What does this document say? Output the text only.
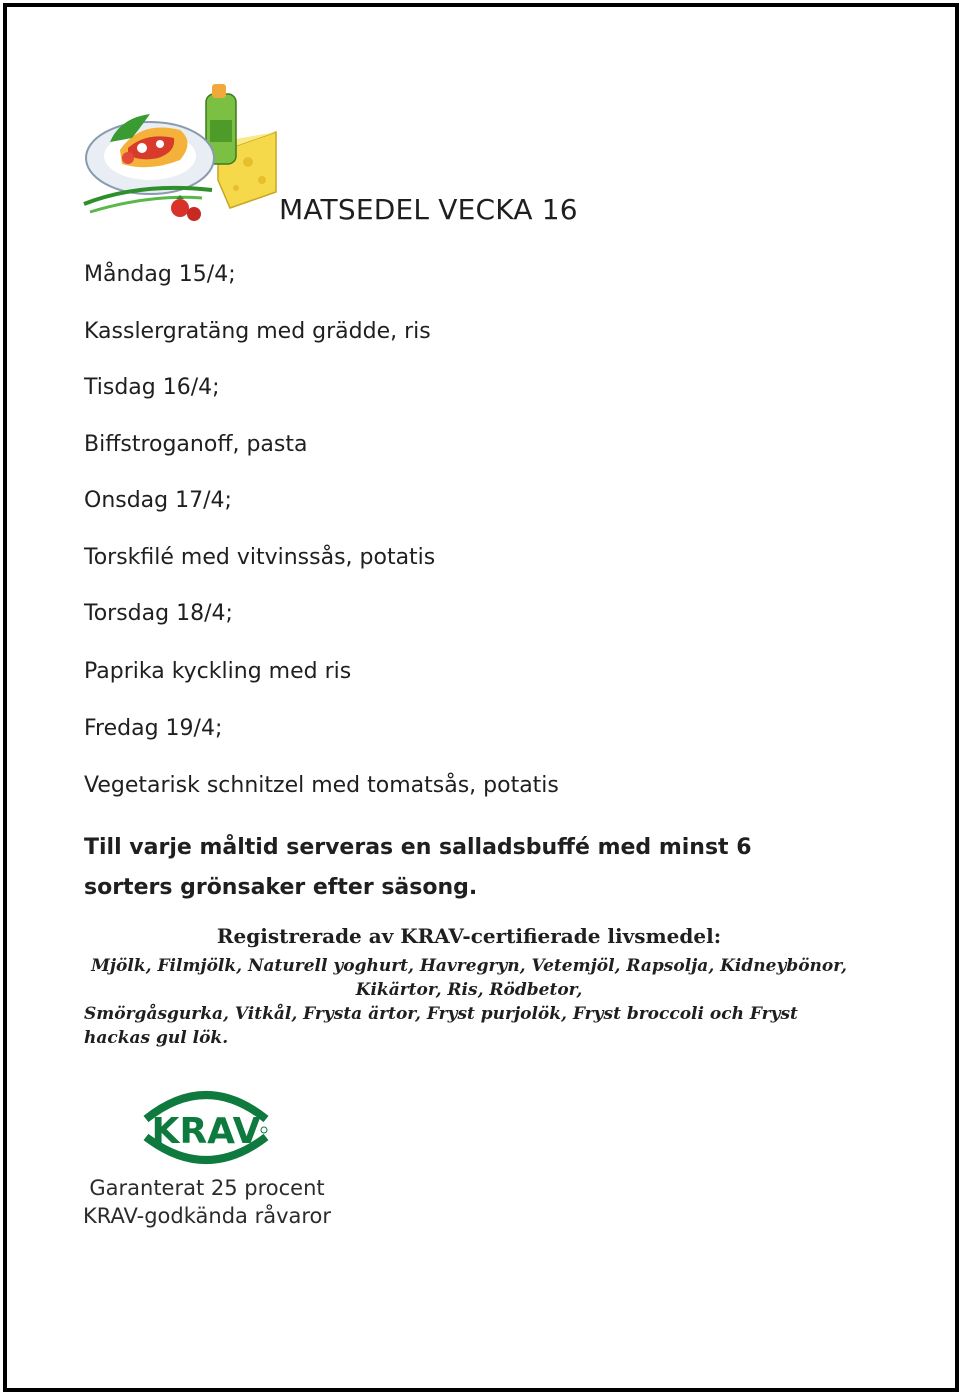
MATSEDEL VECKA 16
Måndag 15/4;
Kasslergratäng med grädde, ris
Tisdag 16/4;
Biffstroganoff, pasta
Onsdag 17/4;
Torskfilé med vitvinssås, potatis
Torsdag 18/4;
Paprika kyckling med ris
Fredag 19/4;
Vegetarisk schnitzel med tomatsås, potatis
Till varje måltid serveras en salladsbuffé med minst 6 sorters grönsaker efter säsong.
Registrerade av KRAV-certifierade livsmedel:
Mjölk, Filmjölk, Naturell yoghurt, Havregryn, Vetemjöl, Rapsolja, Kidneybönor,
Kikärtor, Ris, Rödbetor,
Smörgåsgurka, Vitkål, Frysta ärtor, Fryst purjolök, Fryst broccoli och Fryst hackas gul lök.
KRAV
Garanterat 25 procent
KRAV-godkända råvaror
